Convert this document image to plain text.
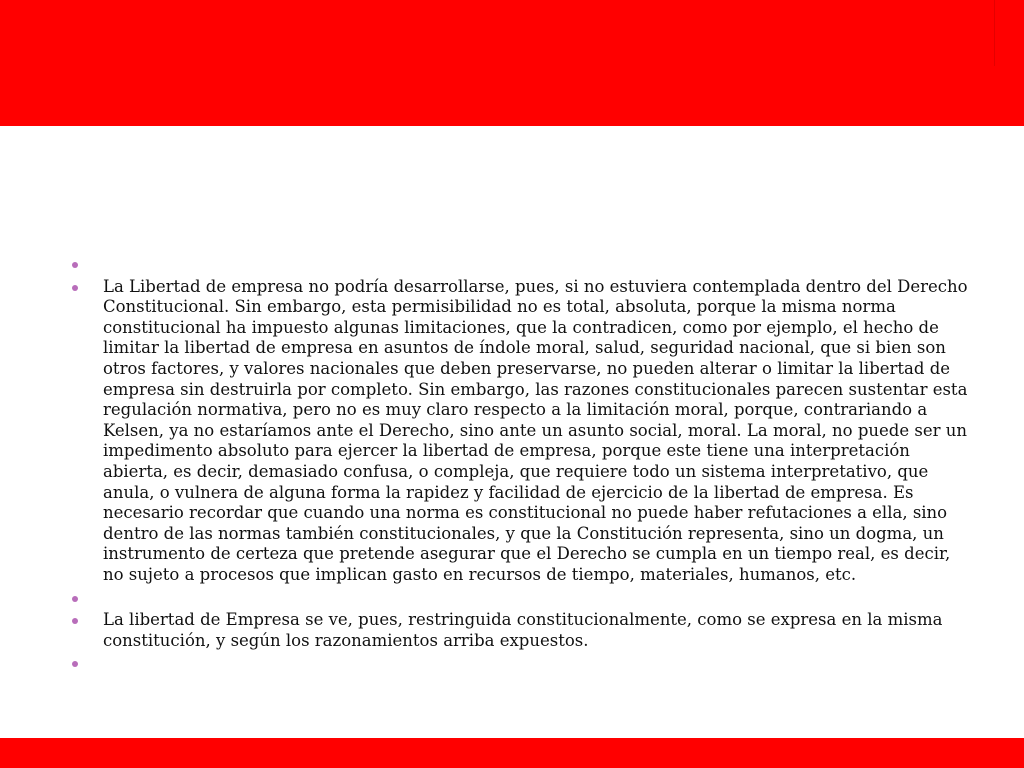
La Libertad de empresa no podría desarrollarse, pues, si no estuviera contemplada dentro del Derecho Constitucional. Sin embargo, esta permisibilidad no es total, absoluta, porque la misma norma constitucional ha impuesto algunas limitaciones, que la contradicen, como por ejemplo, el hecho de limitar la libertad de empresa en asuntos de índole moral, salud, seguridad nacional, que si bien son otros factores, y valores nacionales que deben preservarse, no pueden alterar o limitar la libertad de empresa sin destruirla por completo. Sin embargo, las razones constitucionales parecen sustentar esta regulación normativa, pero no es muy claro respecto a la limitación moral, porque, contrariando a Kelsen, ya no estaríamos ante el Derecho, sino ante un asunto social, moral. La moral, no puede ser un impedimento absoluto para ejercer la libertad de empresa, porque este tiene una interpretación abierta, es decir, demasiado confusa, o compleja, que requiere todo un sistema interpretativo, que anula, o vulnera de alguna forma la rapidez y facilidad de ejercicio de la libertad de empresa. Es necesario recordar que cuando una norma es constitucional no puede haber refutaciones a ella, sino dentro de las normas también constitucionales, y que la Constitución representa, sino un dogma, un instrumento de certeza que pretende asegurar que el Derecho se cumpla en un tiempo real, es decir, no sujeto a procesos que implican gasto en recursos de tiempo, materiales, humanos, etc.
La libertad de Empresa se ve, pues, restringuida constitucionalmente, como se expresa en la misma constitución, y según los razonamientos arriba expuestos.
